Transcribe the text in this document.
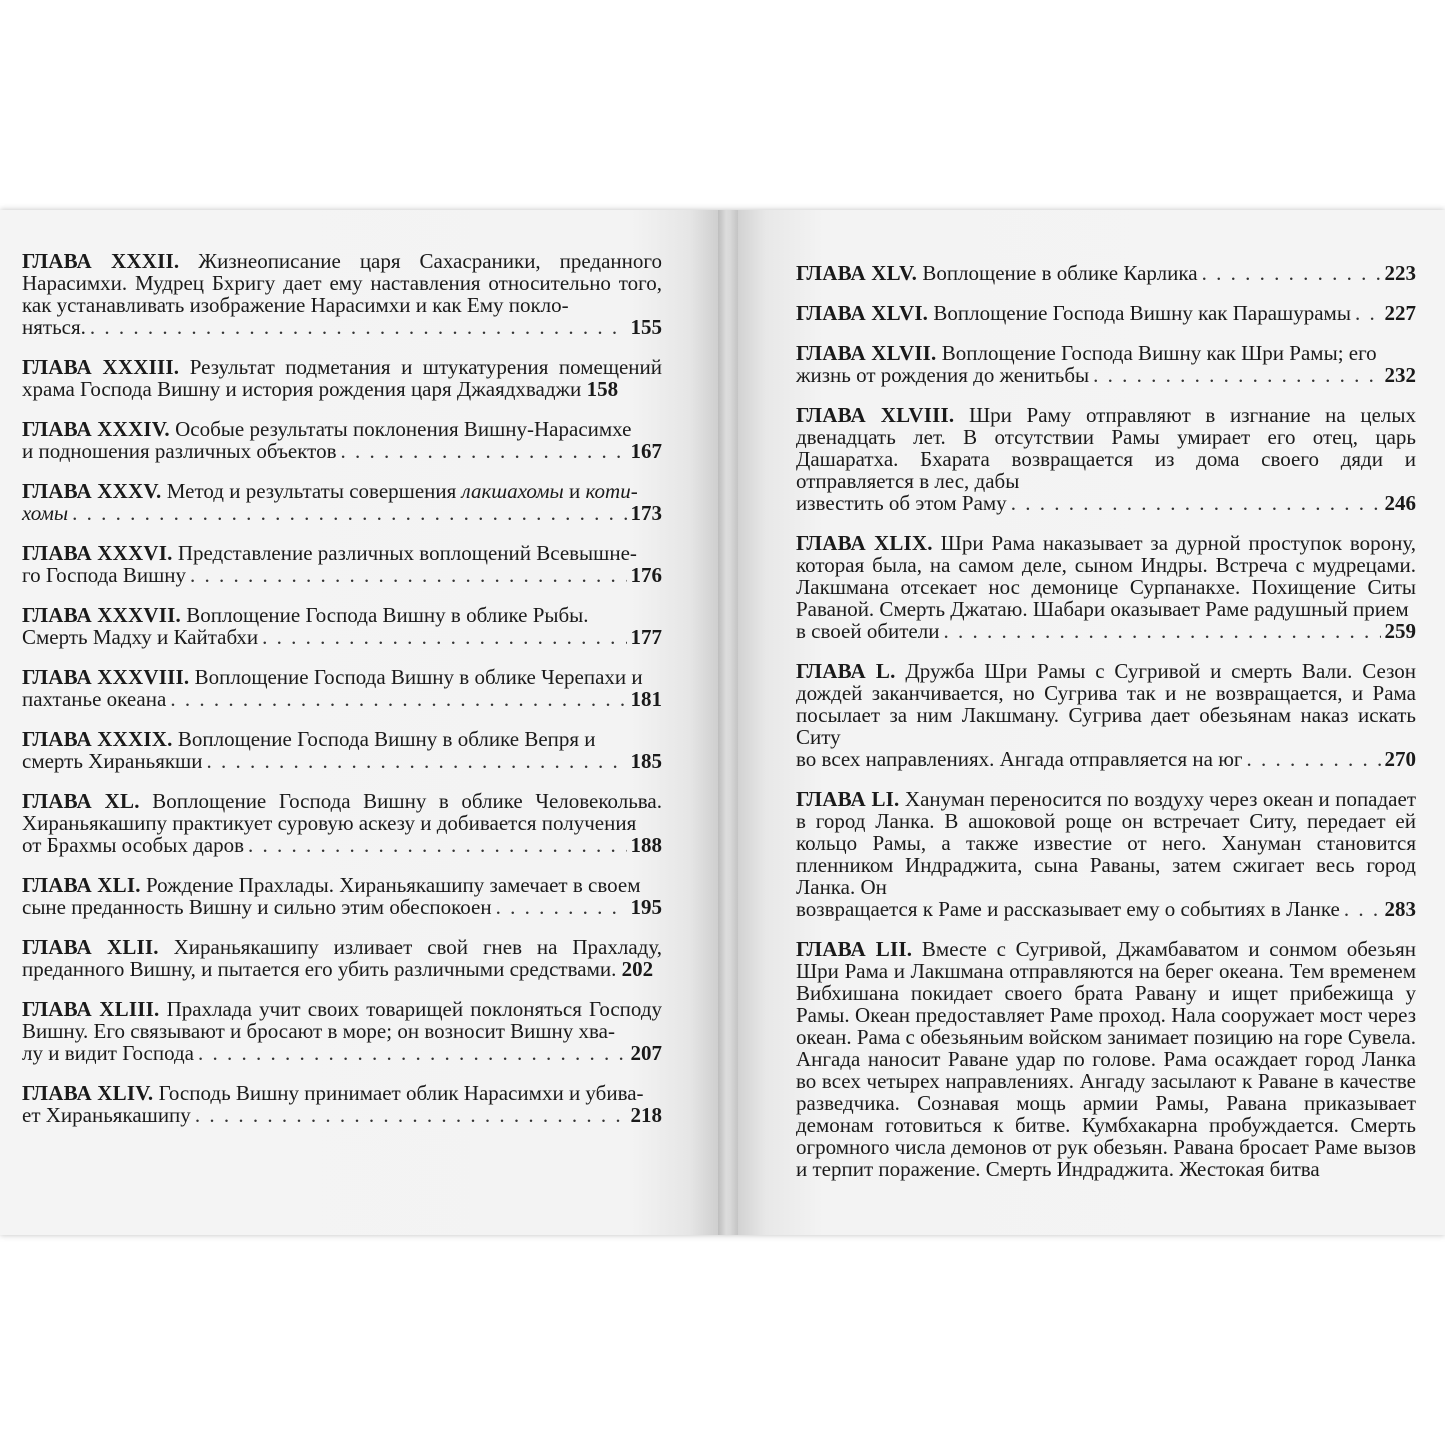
ГЛАВА XXXII. Жизнеописание царя Сахасраники, преданного Нарасимхи. Мудрец Бхригу дает ему наставления относительно того, как устанавливать изображение Нарасимхи и как Ему покло-
няться. . . .	155
ГЛАВА XXXIII. Результат подметания и штукатурения помещений храма Господа Вишну и история рождения царя Джаядхваджи 158
ГЛАВА XXXIV. Особые результаты поклонения Вишну-Нарасимхе
и подношения различных объектов . . .	167
ГЛАВА XXXV. Метод и результаты совершения лакшахомы и коти-
хомы . . .	173
ГЛАВА XXXVI. Представление различных воплощений Всевышне-
го Господа Вишну . . .	176
ГЛАВА XXXVII. Воплощение Господа Вишну в облике Рыбы.
Смерть Мадху и Кайтабхи . . .	177
ГЛАВА XXXVIII. Воплощение Господа Вишну в облике Черепахи и
пахтанье океана . . .	181
ГЛАВА XXXIX. Воплощение Господа Вишну в облике Вепря и
смерть Хираньякши . . .	185
ГЛАВА XL. Воплощение Господа Вишну в облике Человекольва. Хираньякашипу практикует суровую аскезу и добивается получения
от Брахмы особых даров . . .	188
ГЛАВА XLI. Рождение Прахлады. Хираньякашипу замечает в своем
сыне преданность Вишну и сильно этим обеспокоен . . .	195
ГЛАВА XLII. Хираньякашипу изливает свой гнев на Прахладу, преданного Вишну, и пытается его убить различными средствами. 202
ГЛАВА XLIII. Прахлада учит своих товарищей поклоняться Господу Вишну. Его связывают и бросают в море; он возносит Вишну хва-
лу и видит Господа . . .	207
ГЛАВА XLIV. Господь Вишну принимает облик Нарасимхи и убива-
ет Хираньякашипу . . .	218
ГЛАВА XLV. Воплощение в облике Карлика . . .	223
ГЛАВА XLVI. Воплощение Господа Вишну как Парашурамы . . . 227
ГЛАВА XLVII. Воплощение Господа Вишну как Шри Рамы; его
жизнь от рождения до женитьбы . . .	232
ГЛАВА XLVIII. Шри Раму отправляют в изгнание на целых двенадцать лет. В отсутствии Рамы умирает его отец, царь Дашаратха. Бхарата возвращается из дома своего дяди и отправляется в лес, дабы
известить об этом Раму . . .	246
ГЛАВА XLIX. Шри Рама наказывает за дурной проступок ворону, которая была, на самом деле, сыном Индры. Встреча с мудрецами. Лакшмана отсекает нос демонице Сурпанакхе. Похищение Ситы Раваной. Смерть Джатаю. Шабари оказывает Раме радушный прием
в своей обители . . .	259
ГЛАВА L. Дружба Шри Рамы с Сугривой и смерть Вали. Сезон дождей заканчивается, но Сугрива так и не возвращается, и Рама посылает за ним Лакшману. Сугрива дает обезьянам наказ искать Ситу
во всех направлениях. Ангада отправляется на юг . . .	270
ГЛАВА LI. Хануман переносится по воздуху через океан и попадает в город Ланка. В ашоковой роще он встречает Ситу, передает ей кольцо Рамы, а также известие от него. Хануман становится пленником Индраджита, сына Раваны, затем сжигает весь город Ланка. Он
возвращается к Раме и рассказывает ему о событиях в Ланке . . . 283
ГЛАВА LII. Вместе с Сугривой, Джамбаватом и сонмом обезьян Шри Рама и Лакшмана отправляются на берег океана. Тем временем Вибхишана покидает своего брата Равану и ищет прибежища у Рамы. Океан предоставляет Раме проход. Нала сооружает мост через океан. Рама с обезьяньим войском занимает позицию на горе Сувела. Ангада наносит Раване удар по голове. Рама осаждает город Ланка во всех четырех направлениях. Ангаду засылают к Раване в качестве разведчика. Сознавая мощь армии Рамы, Равана приказывает демонам готовиться к битве. Кумбхакарна пробуждается. Смерть огромного числа демонов от рук обезьян. Равана бросает Раме вызов и терпит поражение. Смерть Индраджита. Жестокая битва
